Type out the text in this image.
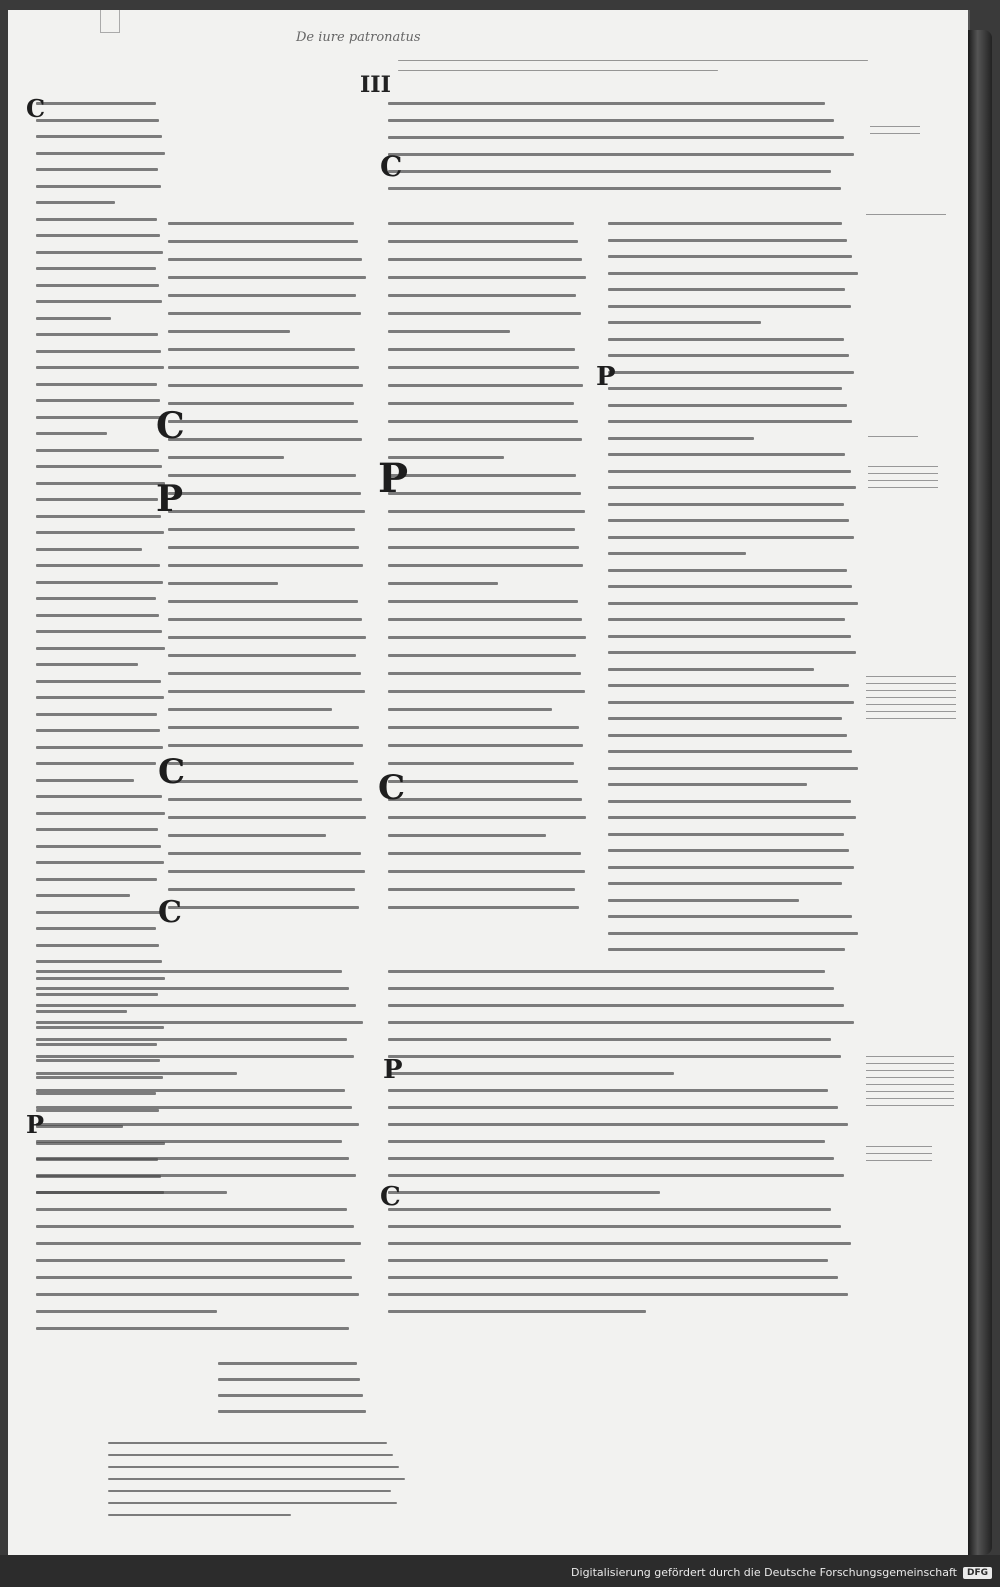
De iure patronatus
III
C
P
C
C
P
C
C
P
C
P
P
C
Digitalisierung gefördert durch die Deutsche Forschungsgemeinschaft	DFG
